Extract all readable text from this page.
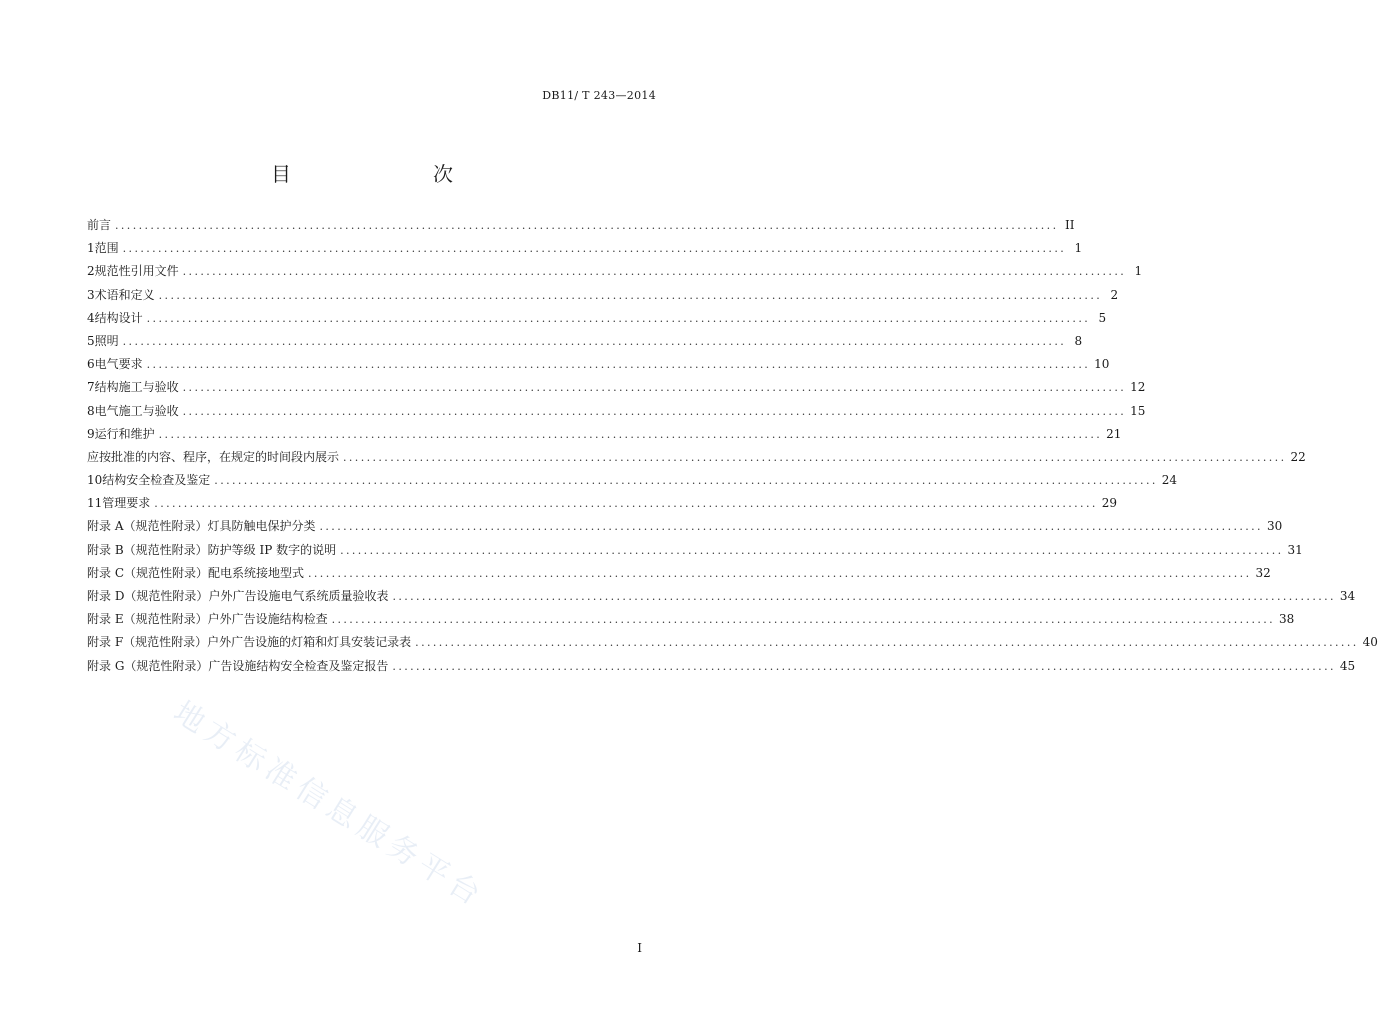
DB11/ T 243—2014
目　　次
前言 ................................................................................................................................................................ II
1 范围 ................................................................................................................................................................ 1
2 规范性引用文件 ................................................................................................................................................................ 1
3 术语和定义 ................................................................................................................................................................ 2
4 结构设计 ................................................................................................................................................................ 5
5 照明 ................................................................................................................................................................ 8
6 电气要求 ................................................................................................................................................................ 10
7 结构施工与验收 ................................................................................................................................................................ 12
8 电气施工与验收 ................................................................................................................................................................ 15
9 运行和维护 ................................................................................................................................................................ 21
应按批准的内容、程序，在规定的时间段内展示 ................................................................................................................................................................ 22
10 结构安全检查及鉴定 ................................................................................................................................................................ 24
11 管理要求 ................................................................................................................................................................ 29
附录 A（规范性附录） 灯具防触电保护分类 ................................................................................................................................................................ 30
附录 B（规范性附录） 防护等级 IP 数字的说明 ................................................................................................................................................................ 31
附录 C（规范性附录） 配电系统接地型式 ................................................................................................................................................................ 32
附录 D（规范性附录） 户外广告设施电气系统质量验收表 ................................................................................................................................................................ 34
附录 E（规范性附录） 户外广告设施结构检查 ................................................................................................................................................................ 38
附录 F（规范性附录） 户外广告设施的灯箱和灯具安装记录表 ................................................................................................................................................................ 40
附录 G（规范性附录） 广告设施结构安全检查及鉴定报告 ................................................................................................................................................................ 45
地方标准信息服务平台
I
